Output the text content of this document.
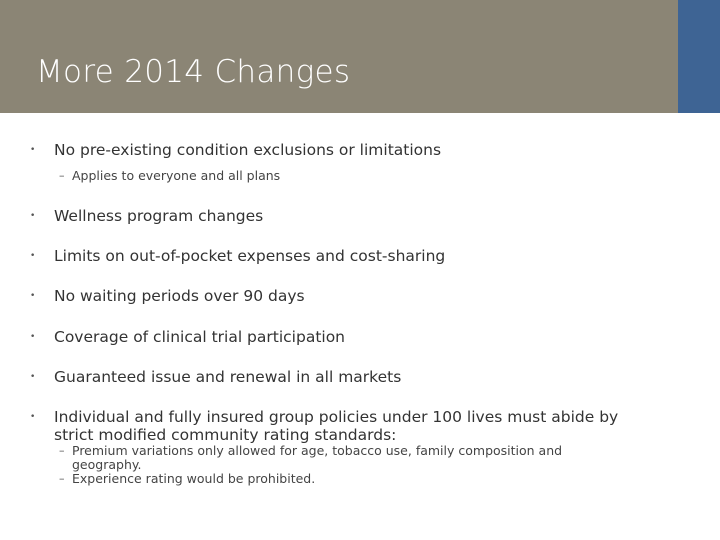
More 2014 Changes
• No pre-existing condition exclusions or limitations
– Applies to everyone and all plans
• Wellness program changes
• Limits on out-of-pocket expenses and cost-sharing
• No waiting periods over 90 days
• Coverage of clinical trial participation
• Guaranteed issue and renewal in all markets
• Individual and fully insured group policies under 100 lives must abide by strict modified community rating standards:
– Premium variations only allowed for age, tobacco use, family composition and geography.
– Experience rating would be prohibited.
